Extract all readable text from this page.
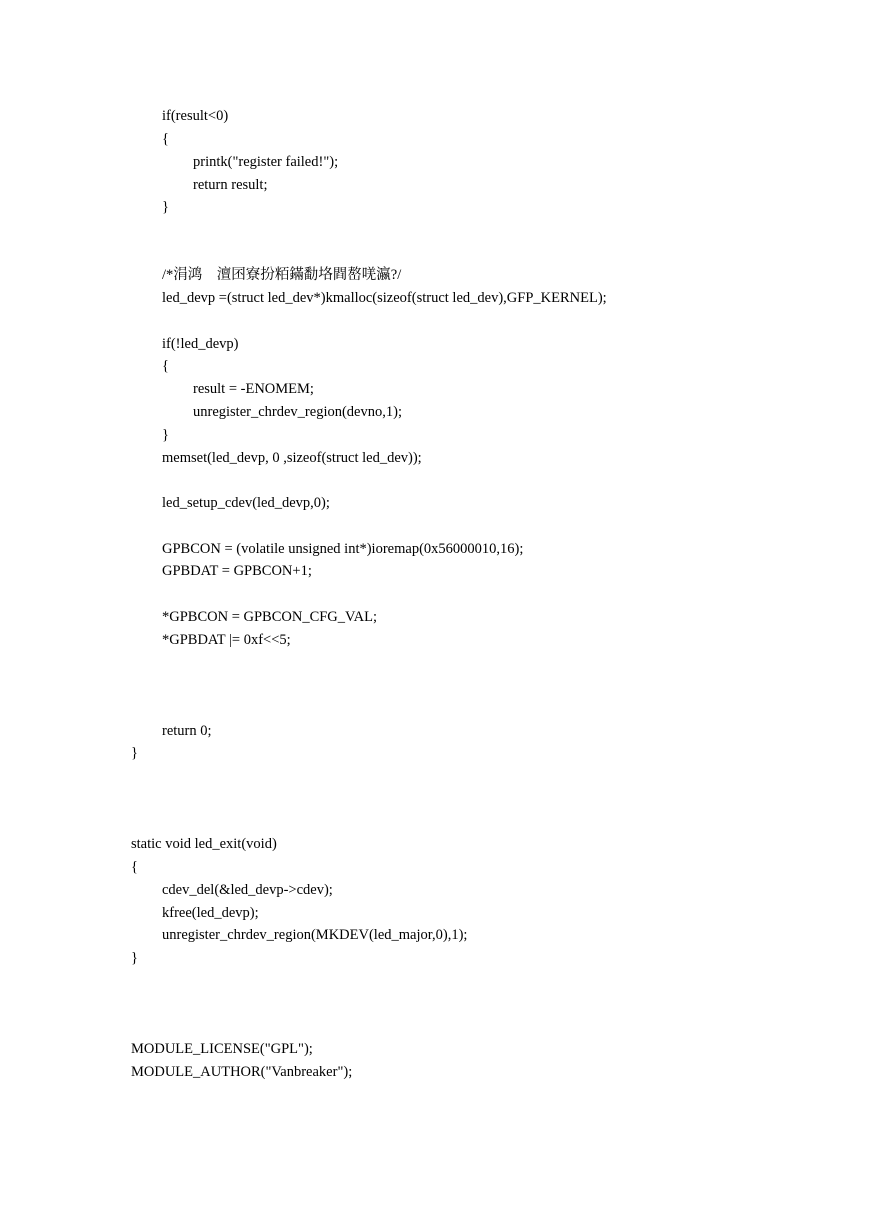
if(result<0)
{
printk("register failed!");
return result;
}
/*涓鸿    澶囨寮扮粨鏋勫垎閰嶅唴瀛?/
led_devp =(struct led_dev*)kmalloc(sizeof(struct led_dev),GFP_KERNEL);
if(!led_devp)
{
result = -ENOMEM;
unregister_chrdev_region(devno,1);
}
memset(led_devp, 0 ,sizeof(struct led_dev));
led_setup_cdev(led_devp,0);
GPBCON = (volatile unsigned int*)ioremap(0x56000010,16);
GPBDAT = GPBCON+1;
*GPBCON = GPBCON_CFG_VAL;
*GPBDAT |= 0xf<<5;
return 0;
}
static void led_exit(void)
{
cdev_del(&led_devp->cdev);
kfree(led_devp);
unregister_chrdev_region(MKDEV(led_major,0),1);
}
MODULE_LICENSE("GPL");
MODULE_AUTHOR("Vanbreaker");
